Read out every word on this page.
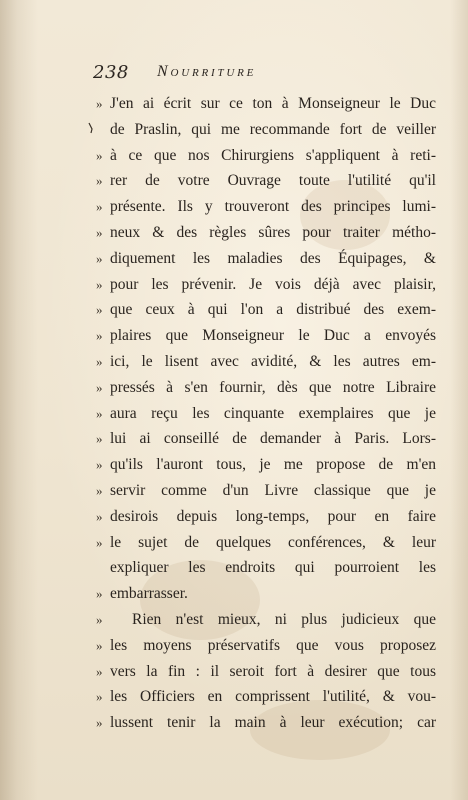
238 Nourriture
» J'en ai écrit sur ce ton à Monseigneur le Duc
de Praslin, qui me recommande fort de veiller
» à ce que nos Chirurgiens s'appliquent à reti-
» rer de votre Ouvrage toute l'utilité qu'il
» présente. Ils y trouveront des principes lumi-
» neux & des règles sûres pour traiter métho-
» diquement les maladies des Équipages, &
» pour les prévenir. Je vois déjà avec plaisir,
» que ceux à qui l'on a distribué des exem-
» plaires que Monseigneur le Duc a envoyés
» ici, le lisent avec avidité, & les autres em-
» pressés à s'en fournir, dès que notre Libraire
» aura reçu les cinquante exemplaires que je
» lui ai conseillé de demander à Paris. Lors-
» qu'ils l'auront tous, je me propose de m'en
» servir comme d'un Livre classique que je
» desirois depuis long-temps, pour en faire
» le sujet de quelques conférences, & leur
expliquer les endroits qui pourroient les
» embarrasser.
» Rien n'est mieux, ni plus judicieux que
» les moyens préservatifs que vous proposez
» vers la fin : il seroit fort à desirer que tous
» les Officiers en comprissent l'utilité, & vou-
» lussent tenir la main à leur exécution; car
